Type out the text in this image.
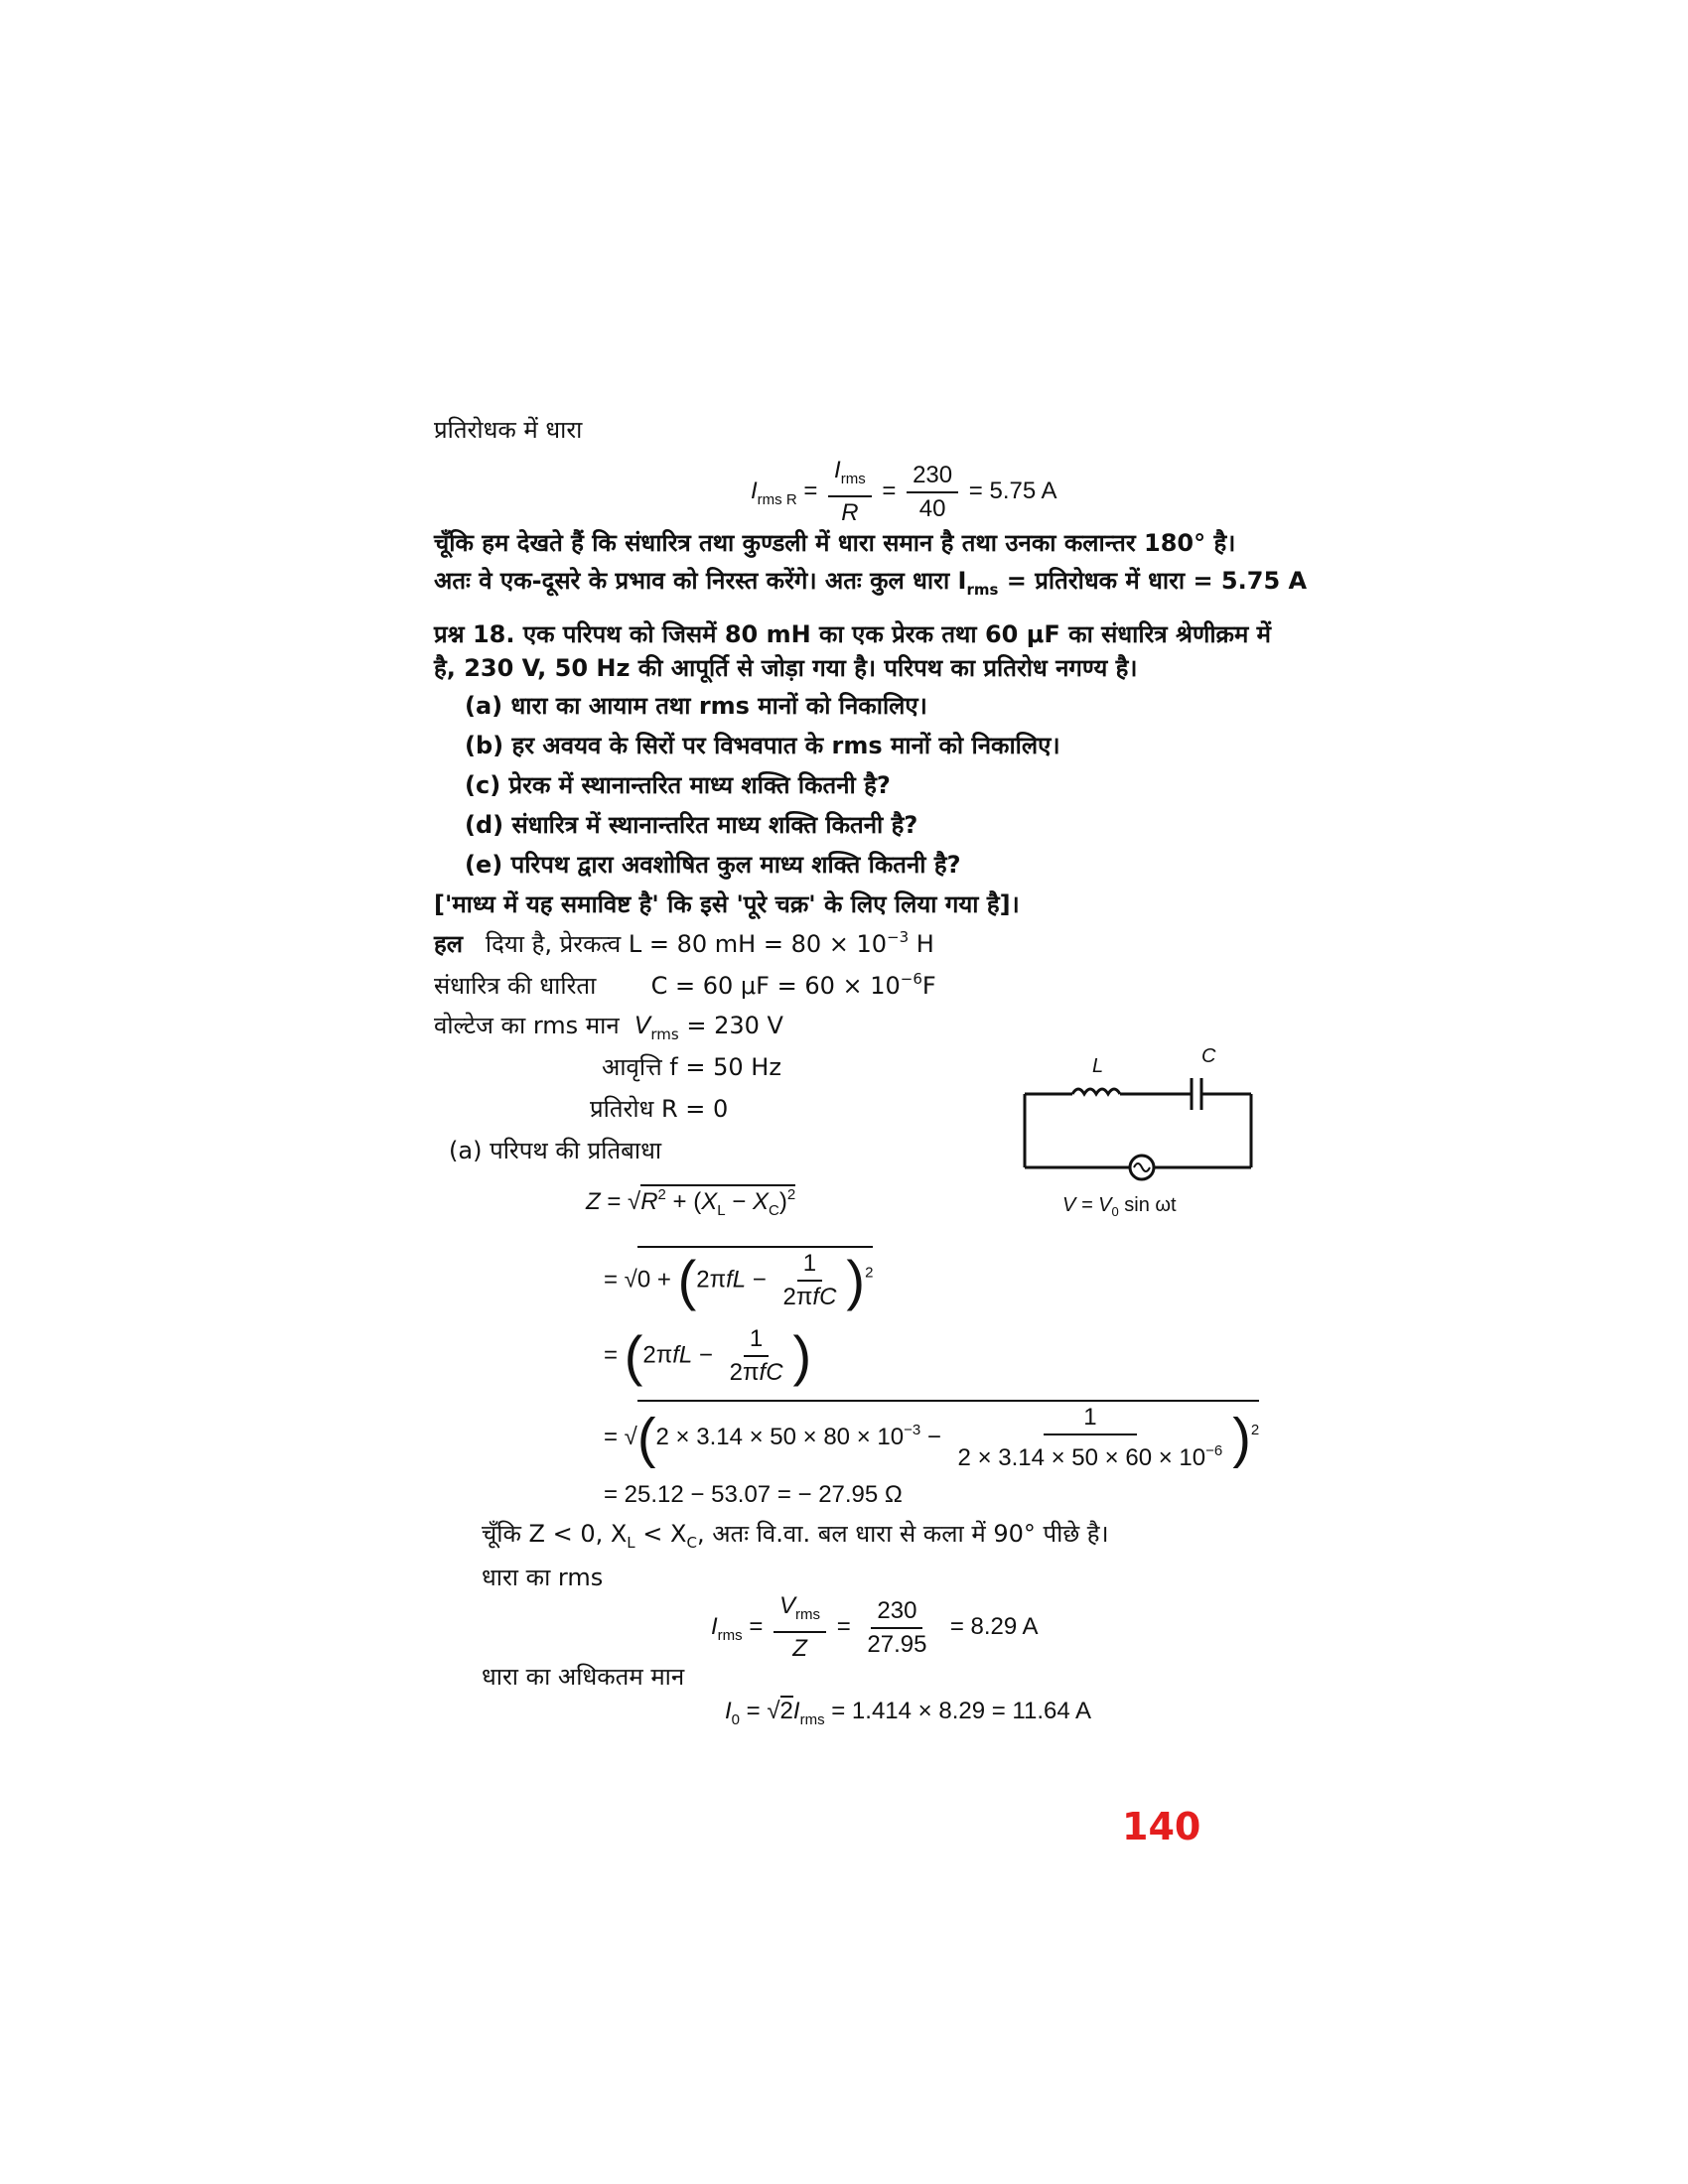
प्रतिरोधक में धारा
$I_{rms R} = \frac{I_{rms}}{R} = \frac{230}{40} = 5.75$ A
चूँकि हम देखते हैं कि संधारित्र तथा कुण्डली में धारा समान है तथा उनका कलान्तर 180° है।
अतः वे एक-दूसरे के प्रभाव को निरस्त करेंगे। अतः कुल धारा $I_{rms}$ = प्रतिरोधक में धारा = 5.75 A
प्रश्न 18. एक परिपथ को जिसमें 80 mH का एक प्रेरक तथा 60 μF का संधारित्र श्रेणीक्रम में
है, 230 V, 50 Hz की आपूर्ति से जोड़ा गया है। परिपथ का प्रतिरोध नगण्य है।
(a) धारा का आयाम तथा rms मानों को निकालिए।
(b) हर अवयव के सिरों पर विभवपात के rms मानों को निकालिए।
(c) प्रेरक में स्थानान्तरित माध्य शक्ति कितनी है?
(d) संधारित्र में स्थानान्तरित माध्य शक्ति कितनी है?
(e) परिपथ द्वारा अवशोषित कुल माध्य शक्ति कितनी है?
['माध्य में यह समाविष्ट है' कि इसे 'पूरे चक्र' के लिए लिया गया है]।
हल दिया है, प्रेरकत्व L = 80 mH = $80 \times 10^{-3}$ H
संधारित्र की धारिता C = 60 $\mu F = 60 \times 10^{-6}F$
वोल्टेज का rms मान $V_{rms} = 230$ V
आवृत्ति f = 50 Hz
प्रतिरोध R = 0
(a) परिपथ की प्रतिबाधा
$Z = √R^2 + (X_L - X_C)^2$
= $√0 + (2\pi fL - \frac{1}{\text{2πfC}} )^2$
= ($2\pi fL - \frac{1}{\text{2πfC}}$ )
= $√(2 \times 3.14 \times 50 \times 80 \times 10^{-3} - \frac{1}{2 \times 3.14 \times 50 \times 60 \times 10^{-6}} )^2$
= 25.12 − 53.07 = − 27.95 Ω
चूँकि Z < 0, $X_L < X_C$, अतः वि.वा. बल धारा से कला में 90° पीछे है।
धारा का rms
$I_{rms} = \frac{V_{rms}}{Z} = \frac{230}{27.95} = 8.29$ A
धारा का अधिकतम मान
$I_0 = √2I_{rms} = 1.414 \times 8.29 = 11.64$ A
L	C
$V = V_0$ sin ωt
140
